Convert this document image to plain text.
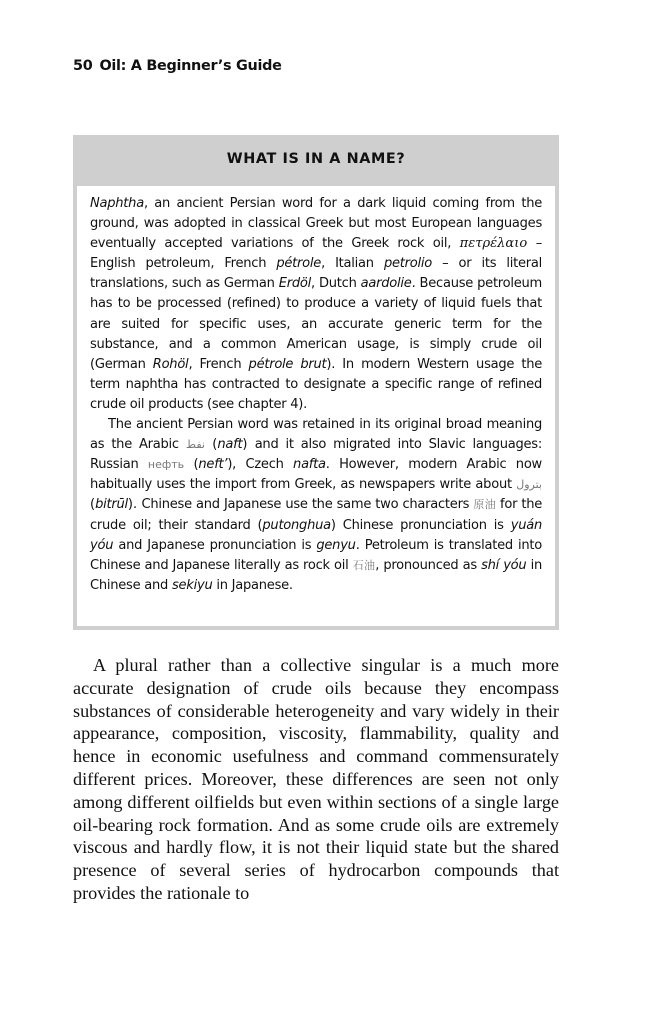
50 Oil: A Beginner’s Guide
WHAT IS IN A NAME?

Naphtha, an ancient Persian word for a dark liquid coming from the ground, was adopted in classical Greek but most European languages eventually accepted variations of the Greek rock oil, πετρέλαιο – English petroleum, French pétrole, Italian petrolio – or its literal translations, such as German Erdöl, Dutch aardolie. Because petroleum has to be processed (refined) to produce a variety of liquid fuels that are suited for specific uses, an accurate generic term for the substance, and a common American usage, is simply crude oil (German Rohöl, French pétrole brut). In modern Western usage the term naphtha has contracted to designate a specific range of refined crude oil products (see chapter 4).

The ancient Persian word was retained in its original broad meaning as the Arabic نفط (naft) and it also migrated into Slavic languages: Russian нефть (neft’), Czech nafta. However, modern Arabic now habitually uses the import from Greek, as newspapers write about بترول (bitrūl). Chinese and Japanese use the same two characters 原油 for the crude oil; their standard (putonghua) Chinese pronunciation is yuán yóu and Japanese pronunciation is genyu. Petroleum is translated into Chinese and Japanese literally as rock oil 石油, pronounced as shí yóu in Chinese and sekiyu in Japanese.

A plural rather than a collective singular is a much more accurate designation of crude oils because they encompass substances of considerable heterogeneity and vary widely in their appearance, composition, viscosity, flammability, quality and hence in economic usefulness and command commensurately different prices. Moreover, these differences are seen not only among different oilfields but even within sections of a single large oil-bearing rock formation. And as some crude oils are extremely viscous and hardly flow, it is not their liquid state but the shared presence of several series of hydrocarbon compounds that provides the rationale to
